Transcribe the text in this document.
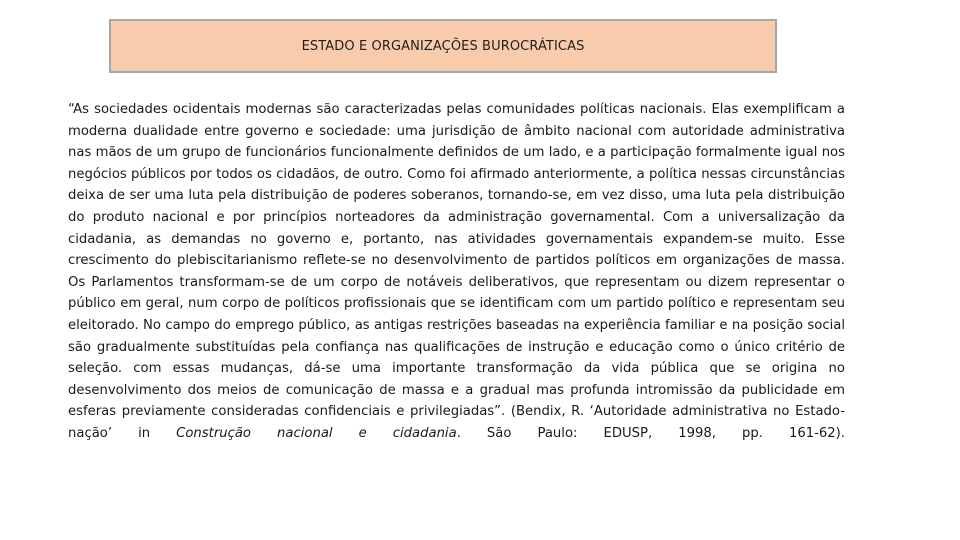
ESTADO E ORGANIZAÇÕES BUROCRÁTICAS

“As sociedades ocidentais modernas são caracterizadas pelas comunidades políticas nacionais. Elas exemplificam a moderna dualidade entre governo e sociedade: uma jurisdição de âmbito nacional com autoridade administrativa nas mãos de um grupo de funcionários funcionalmente definidos de um lado, e a participação formalmente igual nos negócios públicos por todos os cidadãos, de outro. Como foi afirmado anteriormente, a política nessas circunstâncias deixa de ser uma luta pela distribuição de poderes soberanos, tornando-se, em vez disso, uma luta pela distribuição do produto nacional e por princípios norteadores da administração governamental. Com a universalização da cidadania, as demandas no governo e, portanto, nas atividades governamentais expandem-se muito. Esse crescimento do plebiscitarianismo reflete-se no desenvolvimento de partidos políticos em organizações de massa. Os Parlamentos transformam-se de um corpo de notáveis deliberativos, que representam ou dizem representar o público em geral, num corpo de políticos profissionais que se identificam com um partido político e representam seu eleitorado. No campo do emprego público, as antigas restrições baseadas na experiência familiar e na posição social são gradualmente substituídas pela confiança nas qualificações de instrução e educação como o único critério de seleção. com essas mudanças, dá-se uma importante transformação da vida pública que se origina no desenvolvimento dos meios de comunicação de massa e a gradual mas profunda intromissão da publicidade em esferas previamente consideradas confidenciais e privilegiadas”. (Bendix, R. ‘Autoridade administrativa no Estado-nação’ in Construção nacional e cidadania. São Paulo: EDUSP, 1998, pp. 161-62).
